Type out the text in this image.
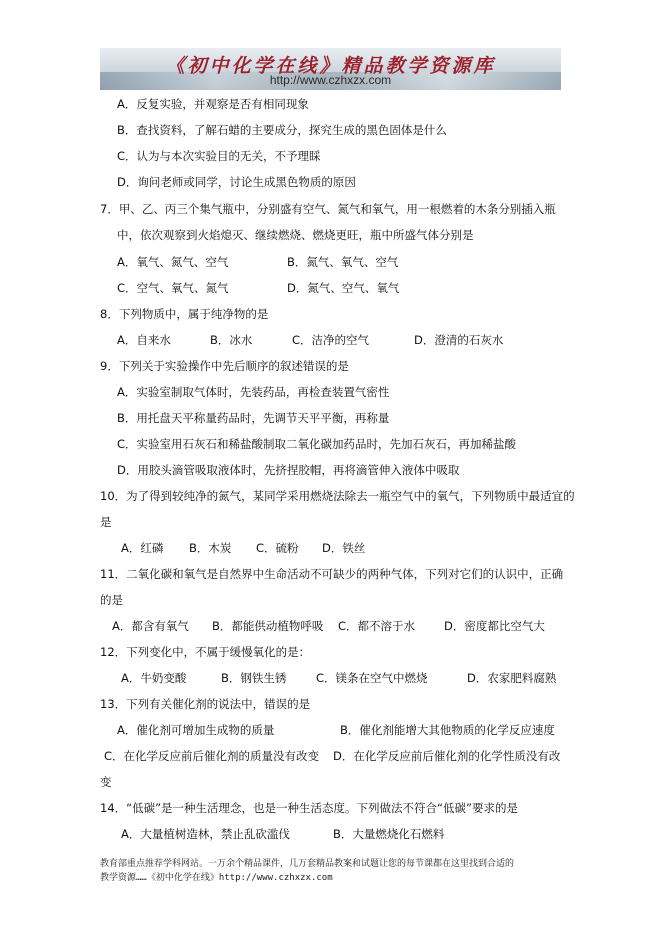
《初中化学在线》精品教学资源库
http://www.czhxzx.com
A．反复实验，并观察是否有相同现象
B．查找资料，了解石蜡的主要成分，探究生成的黑色固体是什么
C．认为与本次实验目的无关，不予理睬
D．询问老师或同学，讨论生成黑色物质的原因
7．甲、乙、丙三个集气瓶中，分别盛有空气、氮气和氧气，用一根燃着的木条分别插入瓶
中，依次观察到火焰熄灭、继续燃烧、燃烧更旺，瓶中所盛气体分别是
A．氧气、氮气、空气	B．氮气、氧气、空气
C．空气、氧气、氮气	D．氮气、空气、氧气
8．下列物质中，属于纯净物的是
A．自来水	B．冰水	C．洁净的空气	D．澄清的石灰水
9．下列关于实验操作中先后顺序的叙述错误的是
A．实验室制取气体时，先装药品，再检查装置气密性
B．用托盘天平称量药品时，先调节天平平衡，再称量
C．实验室用石灰石和稀盐酸制取二氧化碳加药品时，先加石灰石，再加稀盐酸
D．用胶头滴管吸取液体时，先挤捏胶帽，再将滴管伸入液体中吸取
10．为了得到较纯净的氮气，某同学采用燃烧法除去一瓶空气中的氧气，下列物质中最适宜的
是
A．红磷 B．木炭 C．硫粉 D．铁丝
11．二氧化碳和氧气是自然界中生命活动不可缺少的两种气体，下列对它们的认识中，正确
的是
A．都含有氧气 B．都能供动植物呼吸 C．都不溶于水	D．密度都比空气大
12．下列变化中，不属于缓慢氧化的是：
A．牛奶变酸	B．钢铁生锈	C．镁条在空气中燃烧	D．农家肥料腐熟
13．下列有关催化剂的说法中，错误的是
A．催化剂可增加生成物的质量	B．催化剂能增大其他物质的化学反应速度
C．在化学反应前后催化剂的质量没有改变 D．在化学反应前后催化剂的化学性质没有改
变
14．“低碳”是一种生活理念，也是一种生活态度。下列做法不符合“低碳”要求的是
A．大量植树造林，禁止乱砍滥伐	B．大量燃烧化石燃料
教育部重点推荐学科网站。一万余个精品课件，几万套精品教案和试题让您的每节课都在这里找到合适的
教学资源……《初中化学在线》http://www.czhxzx.com
